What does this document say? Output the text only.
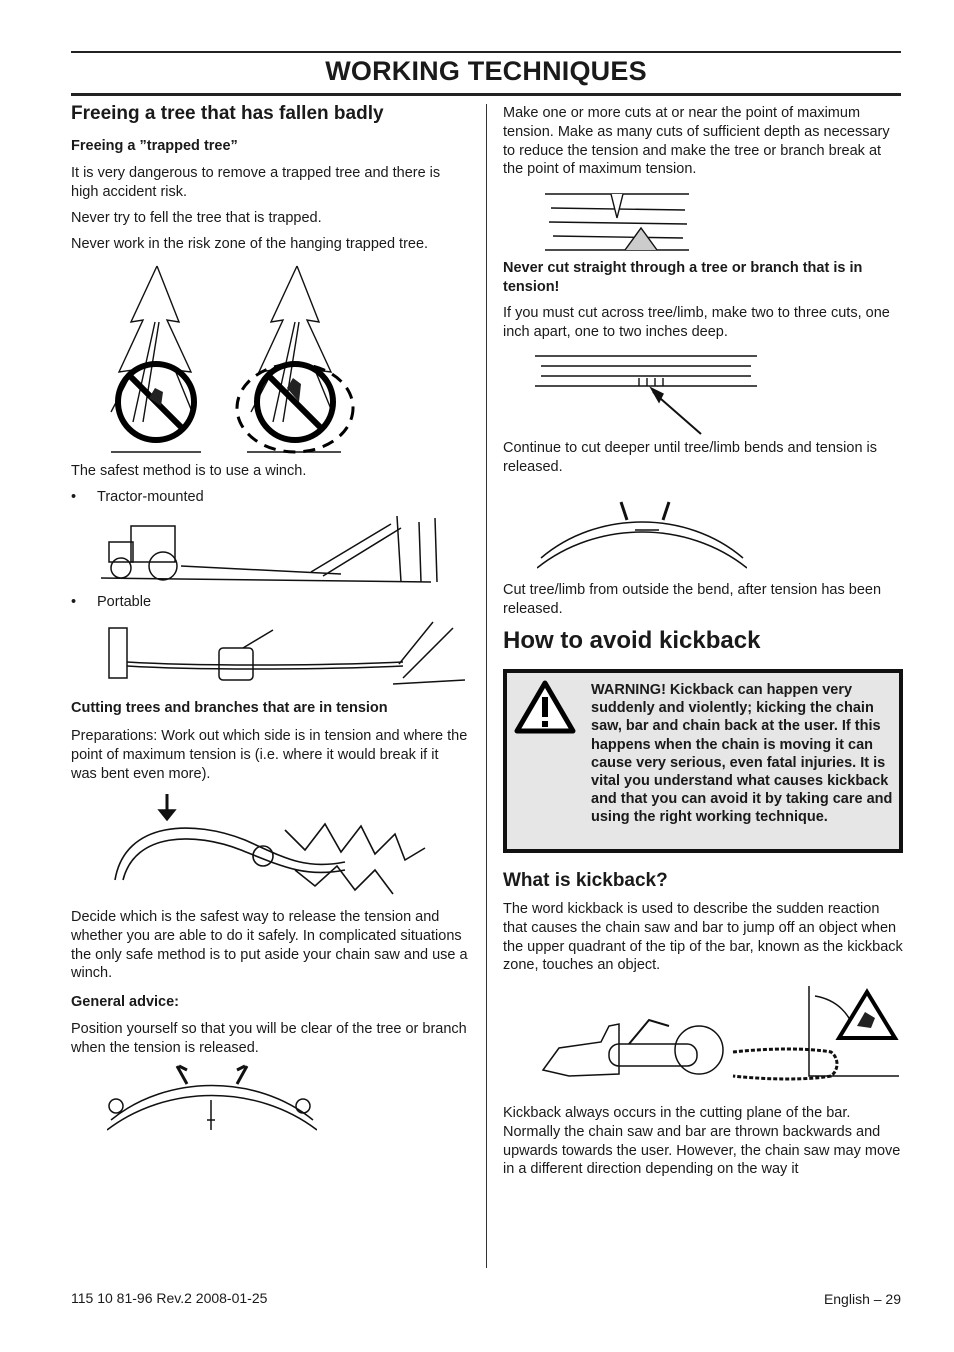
WORKING TECHNIQUES
Freeing a tree that has fallen badly
Freeing a ”trapped tree”

It is very dangerous to remove a trapped tree and there is high accident risk.

Never try to fell the tree that is trapped.

Never work in the risk zone of the hanging trapped tree.

The safest method is to use a winch.

• Tractor-mounted
• Portable
Cutting trees and branches that are in tension

Preparations: Work out which side is in tension and where the point of maximum tension is (i.e. where it would break if it was bent even more).

Decide which is the safest way to release the tension and whether you are able to do it safely. In complicated situations the only safe method is to put aside your chain saw and use a winch.

General advice:

Position yourself so that you will be clear of the tree or branch when the tension is released.

Make one or more cuts at or near the point of maximum tension. Make as many cuts of sufficient depth as necessary to reduce the tension and make the tree or branch break at the point of maximum tension.

Never cut straight through a tree or branch that is in tension!

If you must cut across tree/limb, make two to three cuts, one inch apart, one to two inches deep.

Continue to cut deeper until tree/limb bends and tension is released.

Cut tree/limb from outside the bend, after tension has been released.

How to avoid kickback
WARNING! Kickback can happen very suddenly and violently; kicking the chain saw, bar and chain back at the user. If this happens when the chain is moving it can cause very serious, even fatal injuries. It is vital you understand what causes kickback and that you can avoid it by taking care and using the right working technique.
What is kickback?

The word kickback is used to describe the sudden reaction that causes the chain saw and bar to jump off an object when the upper quadrant of the tip of the bar, known as the kickback zone, touches an object.

Kickback always occurs in the cutting plane of the bar. Normally the chain saw and bar are thrown backwards and upwards towards the user. However, the chain saw may move in a different direction depending on the way it

115 10 81-96 Rev.2 2008-01-25	English – 29
